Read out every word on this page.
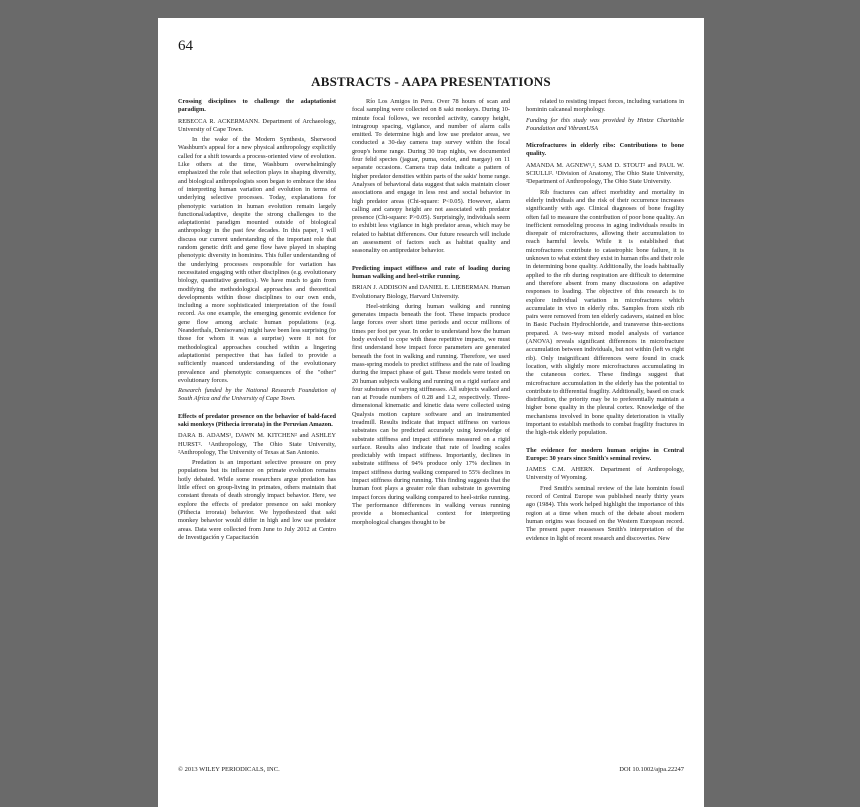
64
ABSTRACTS - AAPA PRESENTATIONS

Crossing disciplines to challenge the adaptationist paradigm.

REBECCA R. ACKERMANN. Department of Archaeology, University of Cape Town.

In the wake of the Modern Synthesis, Sherwood Washburn's appeal for a new physical anthropology explicitly called for a shift towards a process-oriented view of evolution. Like others at the time, Washburn overwhelmingly emphasized the role that selection plays in shaping diversity, and biological anthropologists soon began to embrace the idea of interpreting human variation and evolution in terms of underlying selective processes. Today, explanations for phenotypic variation in human evolution remain largely functional/adaptive, despite the strong challenges to the adaptationist paradigm mounted outside of biological anthropology in the past few decades. In this paper, I will discuss our current understanding of the important role that random genetic drift and gene flow have played in shaping phenotypic diversity in hominins. This fuller understanding of the underlying processes responsible for variation has necessitated engaging with other disciplines (e.g. evolutionary biology, quantitative genetics). We have much to gain from modifying the methodological approaches and theoretical developments within those disciplines to our own ends, including a more sophisticated interpretation of the fossil record. As one example, the emerging genomic evidence for gene flow among archaic human populations (e.g. Neanderthals, Denisovans) might have been less surprising (to those for whom it was a surprise) were it not for methodological approaches couched within a lingering adaptationist perspective that has failed to provide a sufficiently nuanced understanding of the evolutionary prevalence and phenotypic consequences of the "other" evolutionary forces.

Research funded by the National Research Foundation of South Africa and the University of Cape Town.

Effects of predator presence on the behavior of bald-faced saki monkeys (Pithecia irrorata) in the Peruvian Amazon.

DARA B. ADAMS¹, DAWN M. KITCHEN² and ASHLEY HURST². ¹Anthropology, The Ohio State University, ²Anthropology, The University of Texas at San Antonio.

Predation is an important selective pressure on prey populations but its influence on primate evolution remains hotly debated. While some researchers argue predation has little effect on group-living in primates, others maintain that constant threats of death strongly impact behavior. Here, we explore the effects of predator presence on saki monkey (Pithecia irrorata) behavior. We hypothesized that saki monkey behavior would differ in high and low use predator areas. Data were collected from June to July 2012 at Centro de Investigación y Capacitación

Río Los Amigos in Peru. Over 78 hours of scan and focal sampling were collected on 8 saki monkeys. During 10-minute focal follows, we recorded activity, canopy height, intragroup spacing, vigilance, and number of alarm calls emitted. To determine high and low use predator areas, we conducted a 30-day camera trap survey within the focal group's home range. During 30 trap nights, we documented four felid species (jaguar, puma, ocelot, and margay) on 11 separate occasions. Camera trap data indicate a pattern of higher predator densities within parts of the sakis' home range. Analyses of behavioral data suggest that sakis maintain closer associations and engage in less rest and social behavior in high predator areas (Chi-square: P<0.05). However, alarm calling and canopy height are not associated with predator presence (Chi-square: P>0.05). Surprisingly, individuals seem to exhibit less vigilance in high predator areas, which may be related to habitat differences. Our future research will include an assessment of factors such as habitat quality and seasonality on antipredator behavior.

Predicting impact stiffness and rate of loading during human walking and heel-strike running.

BRIAN J. ADDISON and DANIEL E. LIEBERMAN. Human Evolutionary Biology, Harvard University.

Heel-striking during human walking and running generates impacts beneath the foot. These impacts produce large forces over short time periods and occur millions of times per foot per year. In order to understand how the human body evolved to cope with these repetitive impacts, we must first understand how impact force parameters are generated beneath the foot in walking and running. Therefore, we used mass-spring models to predict stiffness and the rate of loading during the impact phase of gait. These models were tested on 20 human subjects walking and running on a rigid surface and four substrates of varying stiffnesses. All subjects walked and ran at Froude numbers of 0.28 and 1.2, respectively. Three-dimensional kinematic and kinetic data were collected using Qualysis motion capture software and an instrumented treadmill. Results indicate that impact stiffness on various substrates can be predicted accurately using knowledge of substrate stiffness and impact stiffness measured on a rigid surface. Results also indicate that rate of loading scales predictably with impact stiffness. Importantly, declines in substrate stiffness of 94% produce only 17% declines in impact stiffness during walking compared to 55% declines in impact stiffness during running. This finding suggests that the human foot plays a greater role than substrate in governing impact forces during walking compared to heel-strike running. The performance differences in walking versus running provide a biomechanical context for interpreting morphological changes thought to be

related to resisting impact forces, including variations in hominin calcaneal morphology.

Funding for this study was provided by Hintze Charitable Foundation and VibramUSA

Microfractures in elderly ribs: Contributions to bone quality.

AMANDA M. AGNEW¹,², SAM D. STOUT² and PAUL W. SCIULLI². ¹Division of Anatomy, The Ohio State University, ²Department of Anthropology, The Ohio State University.

Rib fractures can affect morbidity and mortality in elderly individuals and the risk of their occurrence increases significantly with age. Clinical diagnoses of bone fragility often fail to measure the contribution of poor bone quality. An inefficient remodeling process in aging individuals results in disrepair of microfractures, allowing their accumulation to reach harmful levels. While it is established that microfractures contribute to catastrophic bone failure, it is unknown to what extent they exist in human ribs and their role in determining bone quality. Additionally, the loads habitually applied to the rib during respiration are difficult to determine and therefore absent from many discussions on adaptive responses to loading. The objective of this research is to explore individual variation in microfractures which accumulate in vivo in elderly ribs. Samples from sixth rib pairs were removed from ten elderly cadavers, stained en bloc in Basic Fuchsin Hydrochloride, and transverse thin-sections prepared. A two-way mixed model analysis of variance (ANOVA) reveals significant differences in microfracture accumulation between individuals, but not within (left vs right rib). Only insignificant differences were found in crack location, with slightly more microfractures accumulating in the cutaneous cortex. These findings suggest that microfracture accumulation in the elderly has the potential to contribute to differential fragility. Additionally, based on crack distribution, the priority may be to preferentially maintain a higher bone quality in the pleural cortex. Knowledge of the mechanisms involved in bone quality deterioration is vitally important to establish methods to combat fragility fractures in the high-risk elderly population.

The evidence for modern human origins in Central Europe: 30 years since Smith's seminal review.

JAMES C.M. AHERN. Department of Anthropology, University of Wyoming.

Fred Smith's seminal review of the late hominin fossil record of Central Europe was published nearly thirty years ago (1984). This work helped highlight the importance of this region at a time when much of the debate about modern human origins was focused on the Western European record. The present paper reassesses Smith's interpretation of the evidence in light of recent research and discoveries. New

© 2013 WILEY PERIODICALS, INC.	DOI 10.1002/ajpa.22247
